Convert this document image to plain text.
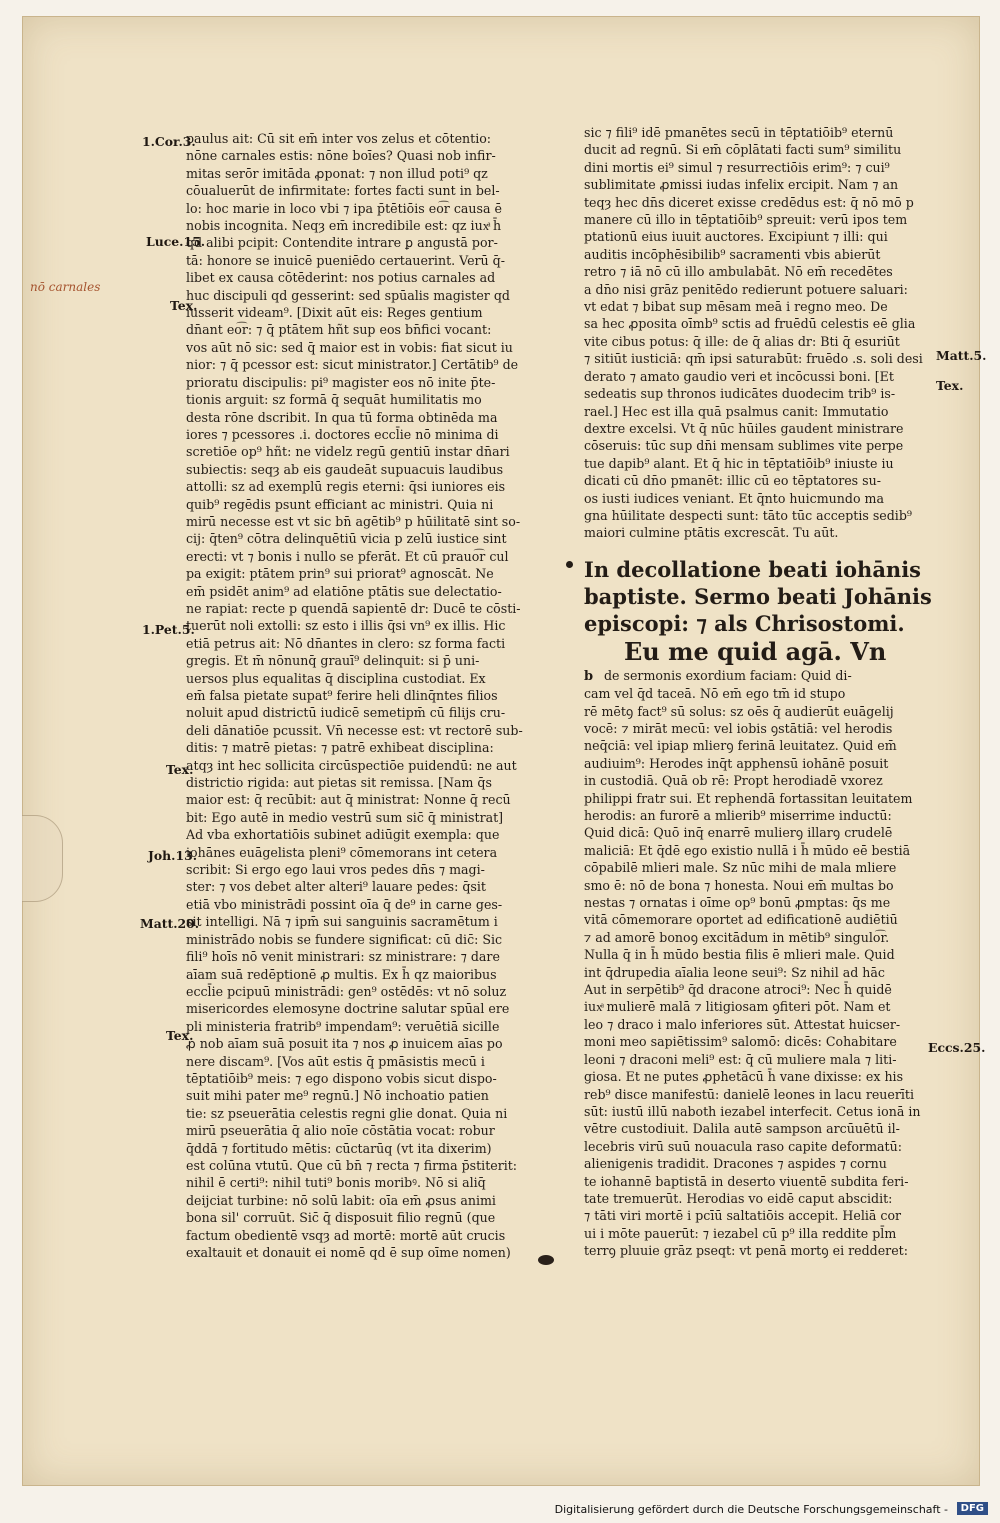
nō carnales
1.Cor.3.
Luce.15.
Tex.
1.Pet.5.
Tex.
Joh.13.
Matt.20.
Tex.
Matt.5.
Tex.
Eccs.25.
paulus ait: Cū sit em̄ inter vos zelus et cōtentio:
nōne carnales estis: nōne boīes? Quasi nob infir-
mitas serōr imitāda ꝓponat: ⁊ non illud poti⁹ qz
cōualuerūt de infirmitate: fortes facti sunt in bel-
lo: hoc marie in loco vbi ⁊ ipa p̄tētiōis eo͡r causa ē
nobis incognita. Neqȝ em̄ incredibile est: qz iuxͣ h̄
qd alibi pcipit: Contendite intrare ꝑ angustā por-
tā: honore se inuicē pueniēdo certauerint. Verū q̄-
libet ex causa cōtēderint: nos potius carnales ad
huc discipuli qd gesserint: sed spūalis magister qd
iusserit videam⁹. [Dixit aūt eis: Reges gentium
dn̄ant eo͡r: ⁊ q̄ ptātem hñt sup eos bn̄fici vocant:
vos aūt nō sic: sed q̄ maior est in vobis: fiat sicut iu
nior: ⁊ q̄ pcessor est: sicut ministrator.] Certātib⁹ de
prioratu discipulis: pi⁹ magister eos nō inite p̄te-
tionis arguit: sz formā q̄ sequāt humilitatis mo
desta rōne dscribit. In qua tū forma obtinēda ma
iores ⁊ pcessores .i. doctores eccl̄ie nō minima di
scretiōe op⁹ hñt: ne videlz regū gentiū instar dn̄ari
subiectis: seqȝ ab eis gaudeāt supuacuis laudibus
attolli: sz ad exemplū regis eterni: q̄si iuniores eis
quib⁹ regēdis psunt efficiant ac ministri. Quia ni
mirū necesse est vt sic bn̄ agētib⁹ p hūilitatē sint so-
cij: q̄ten⁹ cōtra delinquētiū vicia p zelū iustice sint
erecti: vt ⁊ bonis i nullo se pferāt. Et cū prauo͡r cul
pa exigit: ptātem prin⁹ sui priorat⁹ agnoscāt. Ne
em̄ psidēt anim⁹ ad elatiōne ptātis sue delectatio-
ne rapiat: recte p quendā sapientē dr: Ducē te cōsti-
tuerūt noli extolli: sz esto i illis q̄si vn⁹ ex illis. Hic
etiā petrus ait: Nō dn̄antes in clero: sz forma facti
gregis. Et m̄ nōnunq̄ grauī⁹ delinquit: si p̄ uni-
uersos plus equalitas q̄ disciplina custodiat. Ex
em̄ falsa pietate supat⁹ ferire heli dlinq̄ntes filios
noluit apud districtū iudicē semetipm̄ cū filijs cru-
deli dānatiōe pcussit. Vn̄ necesse est: vt rectorē sub-
ditis: ⁊ matrē pietas: ⁊ patrē exhibeat disciplina:
atqȝ int hec sollicita circūspectiōe puidendū: ne aut
districtio rigida: aut pietas sit remissa. [Nam q̄s
maior est: q̄ recūbit: aut q̄ ministrat: Nonne q̄ recū
bit: Ego autē in medio vestrū sum sic̄ q̄ ministrat]
Ad vba exhortatiōis subinet adiūgit exempla: que
iohānes euāgelista pleni⁹ cōmemorans int cetera
scribit: Si ergo ego laui vros pedes dn̄s ⁊ magi-
ster: ⁊ vos debet alter alteri⁹ lauare pedes: q̄sit
etiā vbo ministrādi possint oīa q̄ de⁹ in carne ges-
sit intelligi. Nā ⁊ ipm̄ sui sanguinis sacramētum i
ministrādo nobis se fundere significat: cū dic̄: Sic
fili⁹ hoīs nō venit ministrari: sz ministrare: ⁊ dare
aīam suā redēptionē ꝓ multis. Ex h̄ qz maioribus
eccl̄ie pcipuū ministrādi: gen⁹ ostēdēs: vt nō soluz
misericordes elemosyne doctrine salutar spūal ere
pli ministeria fratrib⁹ impendam⁹: veruētiā sicille
ꝓ nob aīam suā posuit ita ⁊ nos ꝓ inuicem aīas po
nere discam⁹. [Vos aūt estis q̄ pmāsistis mecū i
tēptatiōib⁹ meis: ⁊ ego dispono vobis sicut dispo-
suit mihi pater me⁹ regnū.] Nō inchoatio patien
tie: sz pseuerātia celestis regni glie donat. Quia ni
mirū pseuerātia q̄ alio noīe cōstātia vocat: robur
q̄ddā ⁊ fortitudo mētis: cūctarūq (vt ita dixerim)
est colūna vtutū. Que cū bn̄ ⁊ recta ⁊ firma p̄stiterit:
nihil ē certi⁹: nihil tuti⁹ bonis moribꝰ. Nō si aliq̄
deijciat turbine: nō solū labit: oīa em̄ ꝓsus animi
bona sil' corruūt. Sic̄ q̄ disposuit filio regnū (que
factum obedientē vsqȝ ad mortē: mortē aūt crucis
exaltauit et donauit ei nomē qd ē sup oīme nomen)
sic ⁊ fili⁹ idē pmanētes secū in tēptatiōib⁹ eternū
ducit ad regnū. Si em̄ cōplātati facti sum⁹ similitu
dini mortis ei⁹ simul ⁊ resurrectiōis erim⁹: ⁊ cui⁹
sublimitate ꝓmissi iudas infelix ercipit. Nam ⁊ an
teqȝ hec dn̄s diceret exisse credēdus est: q̄ nō mō p
manere cū illo in tēptatiōib⁹ spreuit: verū ipos tem
ptationū eius iuuit auctores. Excipiunt ⁊ illi: qui
auditis incōphēsibilib⁹ sacramenti vbis abierūt
retro ⁊ iā nō cū illo ambulabāt. Nō em̄ recedētes
a dn̄o nisi grāz penitēdo redierunt potuere saluari:
vt edat ⁊ bibat sup mēsam meā i regno meo. De
sa hec ꝓposita oīmb⁹ sctis ad fruēdū celestis eē glia
vite cibus potus: q̄ ille: de q̄ alias dr: Bti q̄ esuriūt
⁊ sitiūt iusticiā: qm̄ ipsi saturabūt: fruēdo .s. soli desi
derato ⁊ amato gaudio veri et incōcussi boni. [Et
sedeatis sup thronos iudicātes duodecim trib⁹ is-
rael.] Hec est illa quā psalmus canit: Immutatio
dextre excelsi. Vt q̄ nūc hūiles gaudent ministrare
cōseruis: tūc sup dn̄i mensam sublimes vite perpe
tue dapib⁹ alant. Et q̄ hic in tēptatiōib⁹ iniuste iu
dicati cū dn̄o pmanēt: illic cū eo tēptatores su-
os iusti iudices veniant. Et q̄nto huicmundo ma
gna hūilitate despecti sunt: tāto tūc acceptis sedib⁹
maiori culmine ptātis excrescāt. Tu aūt.
In decollatione beati iohānis
baptiste. Sermo beati Johānis
episcopi: ⁊ als Chrisostomi.
Eu me quid agā. Vn
b de sermonis exordium faciam: Quid di-
cam vel q̄d taceā. Nō em̄ ego tm̄ id stupo
rē mētꝯ fact⁹ sū solus: sz oēs q̄ audierūt euāgelij
vocē: ⁊ mirāt mecū: vel iobis ꝯstātiā: vel herodis
neq̄ciā: vel ipiap mlierꝯ ferinā leuitatez. Quid em̄
audiuim⁹: Herodes inq̄t apphensū iohānē posuit
in custodiā. Quā ob rē: Propt herodiadē vxorez
philippi fratr sui. Et rephendā fortassitan leuitatem
herodis: an furorē a mlierib⁹ miserrime inductū:
Quid dicā: Quō inq̄ enarrē mulierꝯ illarꝯ crudelē
maliciā: Et q̄dē ego existio nullā i h̄ mūdo eē bestiā
cōpabilē mlieri male. Sz nūc mihi de mala mliere
smo ē: nō de bona ⁊ honesta. Noui em̄ multas bo
nestas ⁊ ornatas i oīme op⁹ bonū ꝓmptas: q̄s me
vitā cōmemorare oportet ad edificationē audiētiū
⁊ ad amorē bonoꝯ excitādum in mētib⁹ singulo͡r.
Nulla q̄ in h̄ mūdo bestia filis ē mlieri male. Quid
int q̄drupedia aīalia leone seui⁹: Sz nihil ad hāc
Aut in serpētib⁹ q̄d dracone atroci⁹: Nec h̄ quidē
iuxͣ mulierē malā ⁊ litigiosam ꝯfiteri pōt. Nam et
leo ⁊ draco i malo inferiores sūt. Attestat huicser-
moni meo sapiētissim⁹ salomō: dicēs: Cohabitare
leoni ⁊ draconi meli⁹ est: q̄ cū muliere mala ⁊ liti-
giosa. Et ne putes ꝓphetācū h̄ vane dixisse: ex his
reb⁹ disce manifestū: danielē leones in lacu reuerīti
sūt: iustū illū naboth iezabel interfecit. Cetus ionā in
vētre custodiuit. Dalila autē sampson arcūuētū il-
lecebris virū suū nouacula raso capite deformatū:
alienigenis tradidit. Dracones ⁊ aspides ⁊ cornu
te iohannē baptistā in deserto viuentē subdita feri-
tate tremuerūt. Herodias vo eidē caput abscidit:
⁊ tāti viri mortē i pcīū saltatiōis accepit. Heliā cor
ui i mōte pauerūt: ⁊ iezabel cū p⁹ illa reddite pl̄m
terrꝯ pluuie grāz pseqt: vt penā mortꝯ ei redderet:
Digitalisierung gefördert durch die Deutsche Forschungsgemeinschaft -	DFG
